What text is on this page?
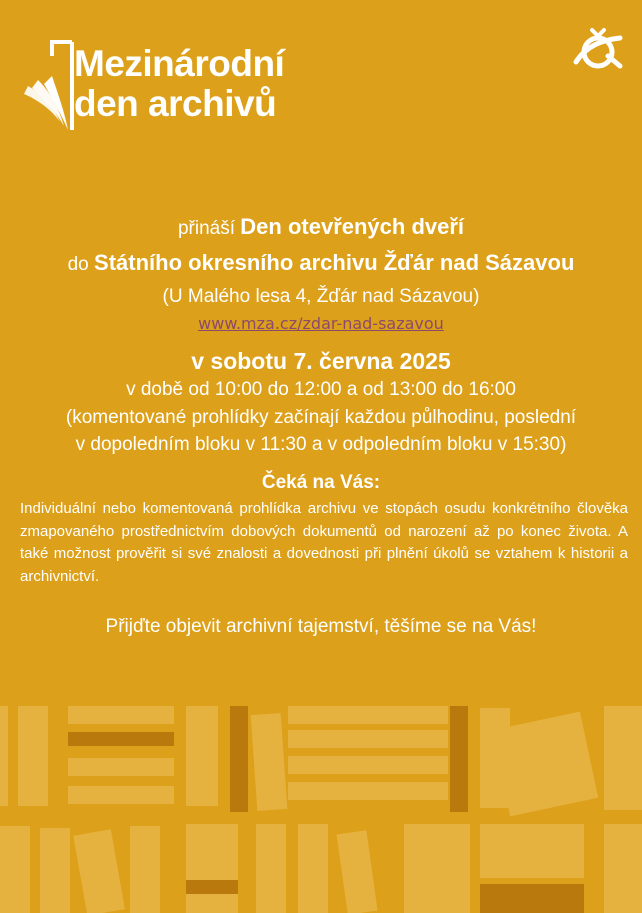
Mezinárodní
den archivů
přináší Den otevřených dveří
do Státního okresního archivu Žďár nad Sázavou
(U Malého lesa 4, Žďár nad Sázavou)
www.mza.cz/zdar-nad-sazavou
v sobotu 7. června 2025
v době od 10:00 do 12:00 a od 13:00 do 16:00
(komentované prohlídky začínají každou půlhodinu, poslední
v dopoledním bloku v 11:30 a v odpoledním bloku v 15:30)
Čeká na Vás:
Individuální nebo komentovaná prohlídka archivu ve stopách osudu konkrétního člověka zmapovaného prostřednictvím dobových dokumentů od narození až po konec života. A také možnost prověřit si své znalosti a dovednosti při plnění úkolů se vztahem k historii a archivnictví.
Přijďte objevit archivní tajemství, těšíme se na Vás!
